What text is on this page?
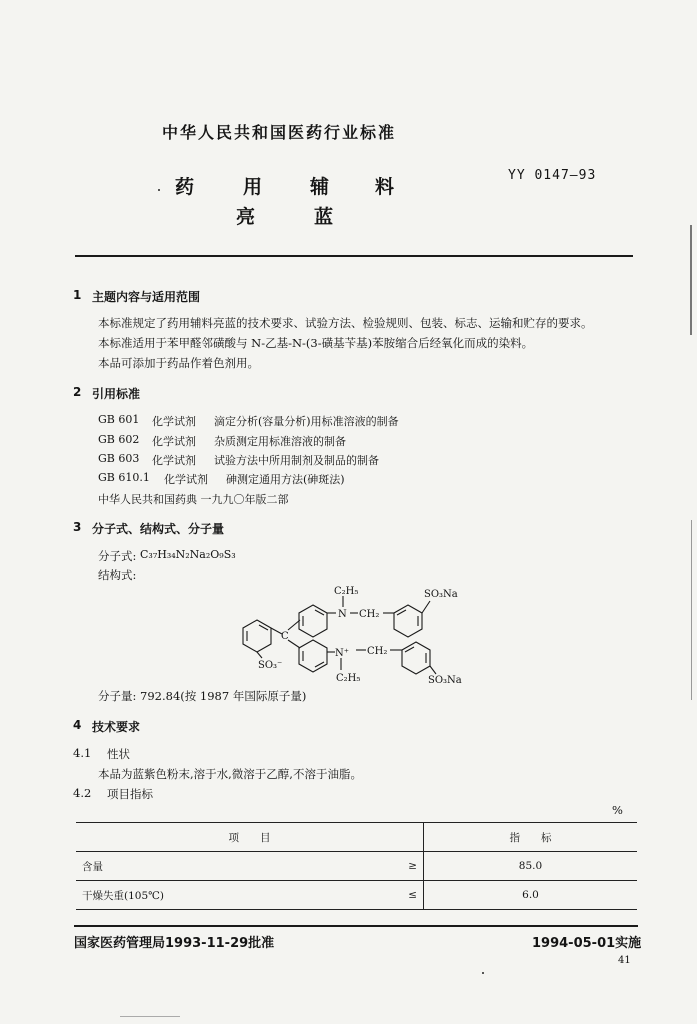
中华人民共和国医药行业标准
药	用	辅 料
亮	蓝
YY 0147—93
1 主题内容与适用范围
本标准规定了药用辅料亮蓝的技术要求、试验方法、检验规则、包装、标志、运输和贮存的要求。
本标准适用于苯甲醛邻磺酸与 N-乙基-N-(3-磺基苄基)苯胺缩合后经氧化而成的染料。
本品可添加于药品作着色剂用。
2 引用标准
GB 601 化学试剂 滴定分析(容量分析)用标准溶液的制备
GB 602 化学试剂 杂质测定用标准溶液的制备
GB 603 化学试剂 试验方法中所用制剂及制品的制备
GB 610.1 化学试剂 砷测定通用方法(砷斑法)
中华人民共和国药典 一九九〇年版二部
3 分子式、结构式、分子量
分子式: C₃₇H₃₄N₂Na₂O₉S₃
结构式:
C₂H₅
N CH₂
SO₃Na
C
SO₃⁻
N⁺ CH₂
C₂H₅	SO₃Na
分子量: 792.84(按 1987 年国际原子量)
4 技术要求
4.1 性状
本品为蓝紫色粉末,溶于水,微溶于乙醇,不溶于油脂。
4.2 项目指标
%
项　　目		指　　标
含量	≥	85.0
干燥失重(105℃)	≤	6.0
国家医药管理局1993-11-29批准	1994-05-01实施
41
